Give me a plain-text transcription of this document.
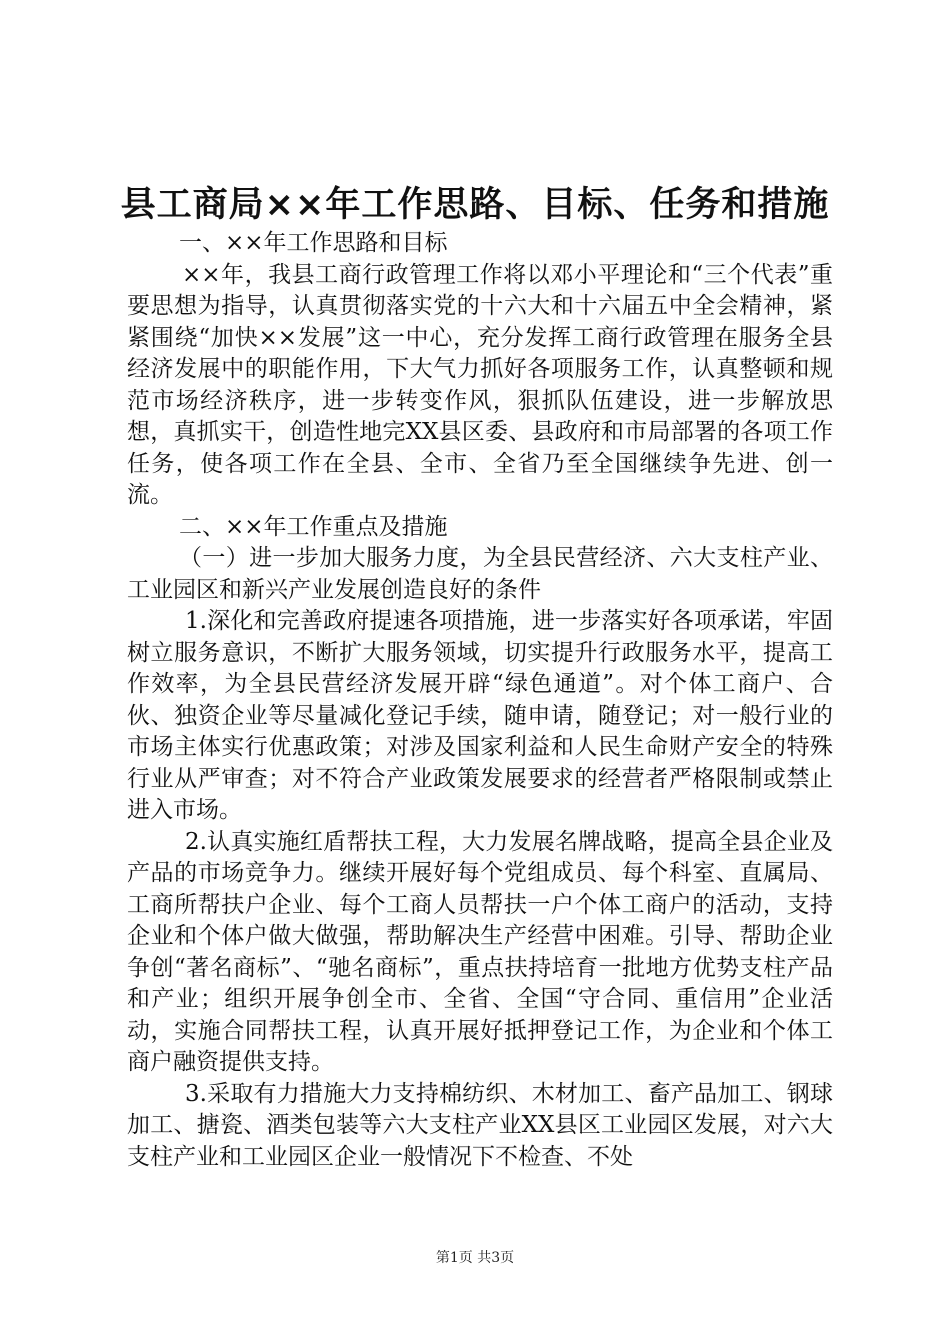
县工商局××年工作思路、目标、任务和措施

一、××年工作思路和目标

××年，我县工商行政管理工作将以邓小平理论和“三个代表”重要思想为指导，认真贯彻落实党的十六大和十六届五中全会精神，紧紧围绕“加快××发展”这一中心，充分发挥工商行政管理在服务全县经济发展中的职能作用，下大气力抓好各项服务工作，认真整顿和规范市场经济秩序，进一步转变作风，狠抓队伍建设，进一步解放思想，真抓实干，创造性地完XX县区委、县政府和市局部署的各项工作任务，使各项工作在全县、全市、全省乃至全国继续争先进、创一流。

二、××年工作重点及措施

（一）进一步加大服务力度，为全县民营经济、六大支柱产业、工业园区和新兴产业发展创造良好的条件

1.深化和完善政府提速各项措施，进一步落实好各项承诺，牢固树立服务意识，不断扩大服务领域，切实提升行政服务水平，提高工作效率，为全县民营经济发展开辟“绿色通道”。对个体工商户、合伙、独资企业等尽量减化登记手续，随申请，随登记；对一般行业的市场主体实行优惠政策；对涉及国家利益和人民生命财产安全的特殊行业从严审查；对不符合产业政策发展要求的经营者严格限制或禁止进入市场。

2.认真实施红盾帮扶工程，大力发展名牌战略，提高全县企业及产品的市场竞争力。继续开展好每个党组成员、每个科室、直属局、工商所帮扶户企业、每个工商人员帮扶一户个体工商户的活动，支持企业和个体户做大做强，帮助解决生产经营中困难。引导、帮助企业争创“著名商标”、“驰名商标”，重点扶持培育一批地方优势支柱产品和产业；组织开展争创全市、全省、全国“守合同、重信用”企业活动，实施合同帮扶工程，认真开展好抵押登记工作，为企业和个体工商户融资提供支持。

3.采取有力措施大力支持棉纺织、木材加工、畜产品加工、钢球加工、搪瓷、酒类包装等六大支柱产业XX县区工业园区发展，对六大支柱产业和工业园区企业一般情况下不检查、不处

第1页 共3页
